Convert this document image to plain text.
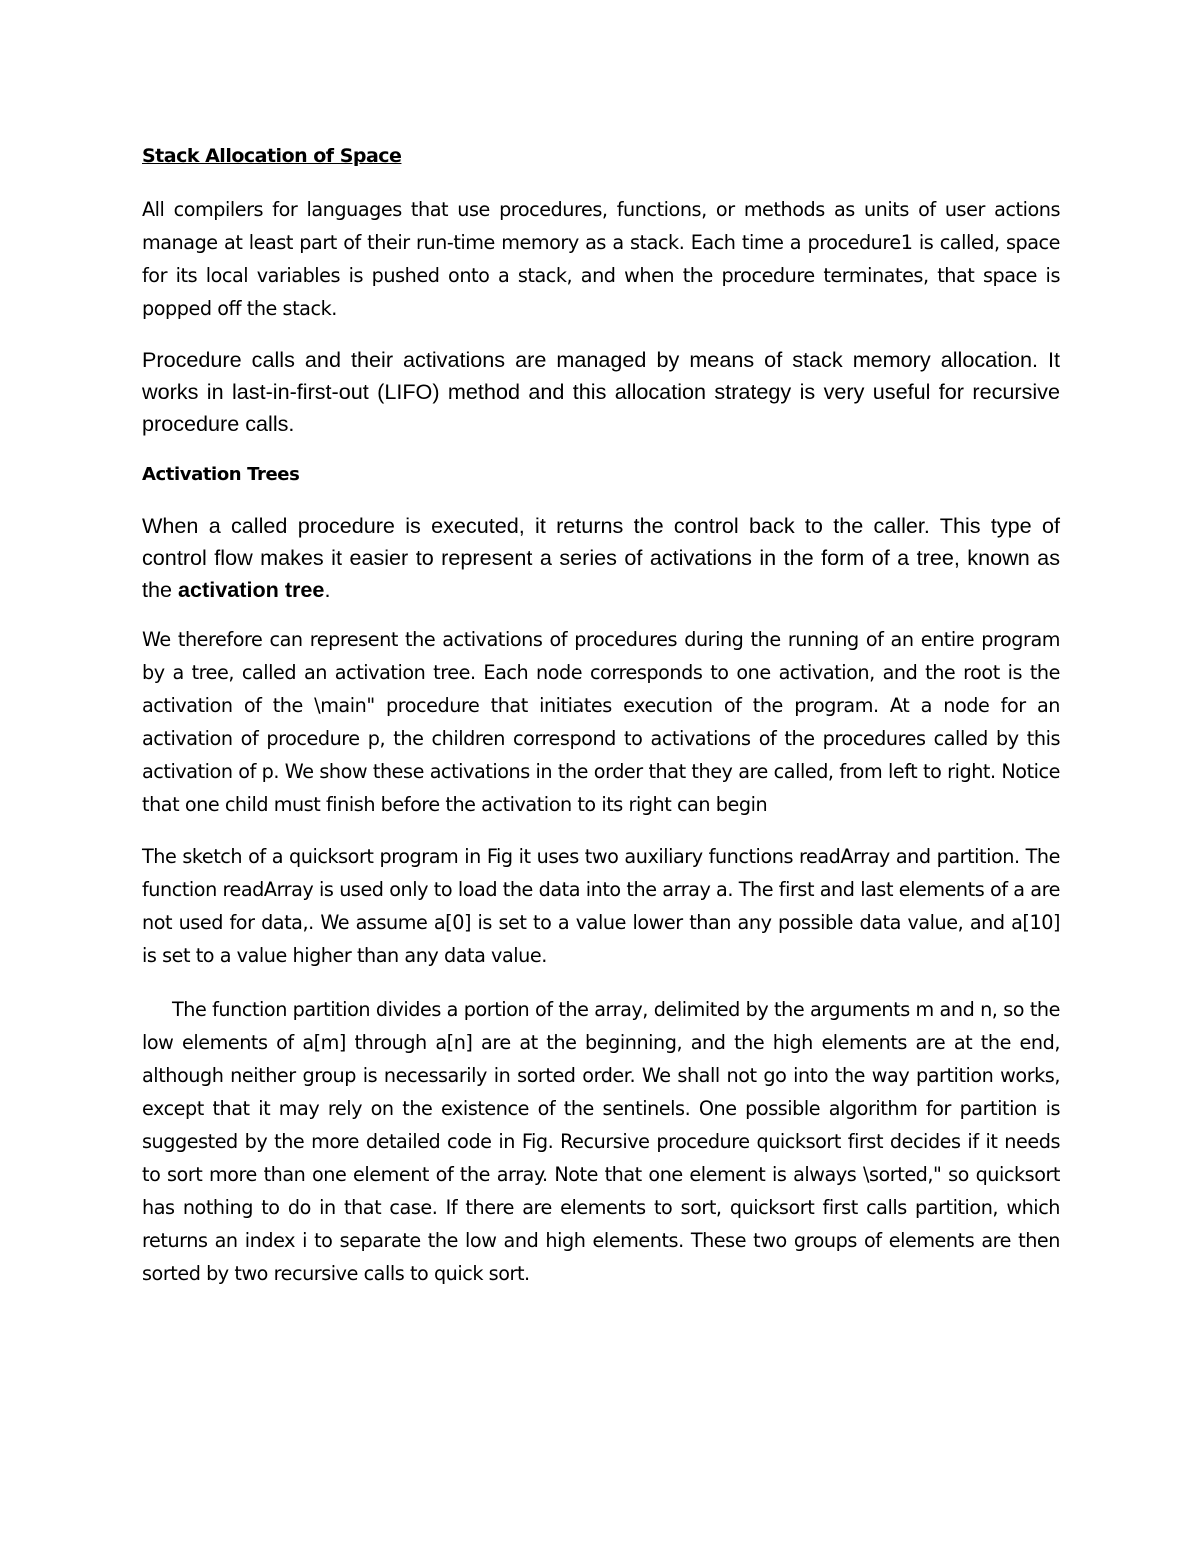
Stack Allocation of Space

All compilers for languages that use procedures, functions, or methods as units of user actions manage at least part of their run-time memory as a stack. Each time a procedure1 is called, space for its local variables is pushed onto a stack, and when the procedure terminates, that space is popped off the stack.

Procedure calls and their activations are managed by means of stack memory allocation. It works in last-in-first-out (LIFO) method and this allocation strategy is very useful for recursive procedure calls.

Activation Trees

When a called procedure is executed, it returns the control back to the caller. This type of control flow makes it easier to represent a series of activations in the form of a tree, known as the activation tree.

We therefore can represent the activations of procedures during the running of an entire program by a tree, called an activation tree. Each node corresponds to one activation, and the root is the activation of the \main" procedure that initiates execution of the program. At a node for an activation of procedure p, the children correspond to activations of the procedures called by this activation of p. We show these activations in the order that they are called, from left to right. Notice that one child must finish before the activation to its right can begin

The sketch of a quicksort program in Fig it uses two auxiliary functions readArray and partition. The function readArray is used only to load the data into the array a. The first and last elements of a are not used for data,. We assume a[0] is set to a value lower than any possible data value, and a[10] is set to a value higher than any data value.

The function partition divides a portion of the array, delimited by the arguments m and n, so the low elements of a[m] through a[n] are at the beginning, and the high elements are at the end, although neither group is necessarily in sorted order. We shall not go into the way partition works, except that it may rely on the existence of the sentinels. One possible algorithm for partition is suggested by the more detailed code in Fig. Recursive procedure quicksort first decides if it needs to sort more than one element of the array. Note that one element is always \sorted," so quicksort has nothing to do in that case. If there are elements to sort, quicksort first calls partition, which returns an index i to separate the low and high elements. These two groups of elements are then sorted by two recursive calls to quick sort.
